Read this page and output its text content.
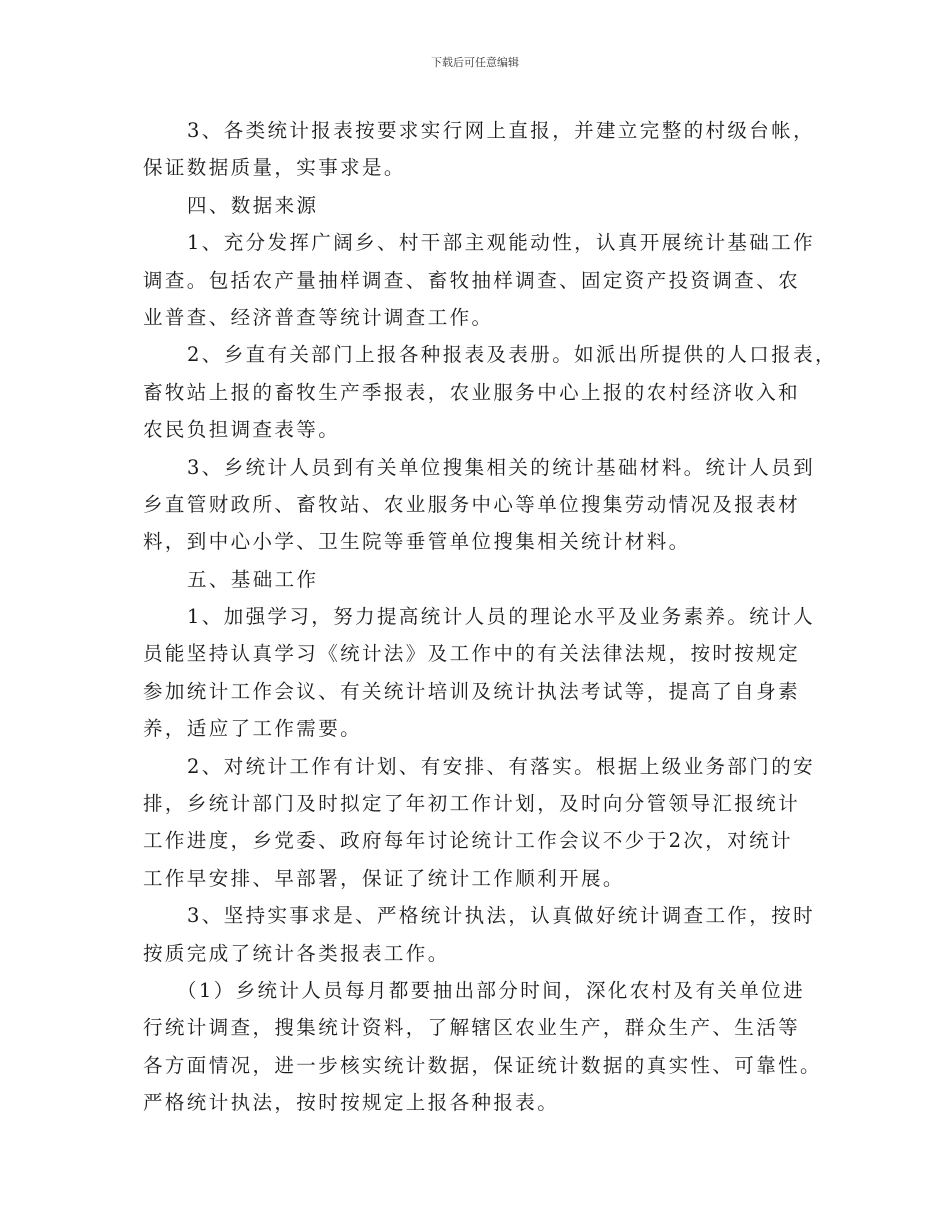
下载后可任意编辑
3、各类统计报表按要求实行网上直报，并建立完整的村级台帐，
保证数据质量，实事求是。
四、数据来源
1、充分发挥广阔乡、村干部主观能动性，认真开展统计基础工作
调查。包括农产量抽样调查、畜牧抽样调查、固定资产投资调查、农
业普查、经济普查等统计调查工作。
2、乡直有关部门上报各种报表及表册。如派出所提供的人口报表，
畜牧站上报的畜牧生产季报表，农业服务中心上报的农村经济收入和
农民负担调查表等。
3、乡统计人员到有关单位搜集相关的统计基础材料。统计人员到
乡直管财政所、畜牧站、农业服务中心等单位搜集劳动情况及报表材
料，到中心小学、卫生院等垂管单位搜集相关统计材料。
五、基础工作
1、加强学习，努力提高统计人员的理论水平及业务素养。统计人
员能坚持认真学习《统计法》及工作中的有关法律法规，按时按规定
参加统计工作会议、有关统计培训及统计执法考试等，提高了自身素
养，适应了工作需要。
2、对统计工作有计划、有安排、有落实。根据上级业务部门的安
排，乡统计部门及时拟定了年初工作计划，及时向分管领导汇报统计
工作进度，乡党委、政府每年讨论统计工作会议不少于2次，对统计
工作早安排、早部署，保证了统计工作顺利开展。
3、坚持实事求是、严格统计执法，认真做好统计调查工作，按时
按质完成了统计各类报表工作。
（1）乡统计人员每月都要抽出部分时间，深化农村及有关单位进
行统计调查，搜集统计资料，了解辖区农业生产，群众生产、生活等
各方面情况，进一步核实统计数据，保证统计数据的真实性、可靠性。
严格统计执法，按时按规定上报各种报表。
